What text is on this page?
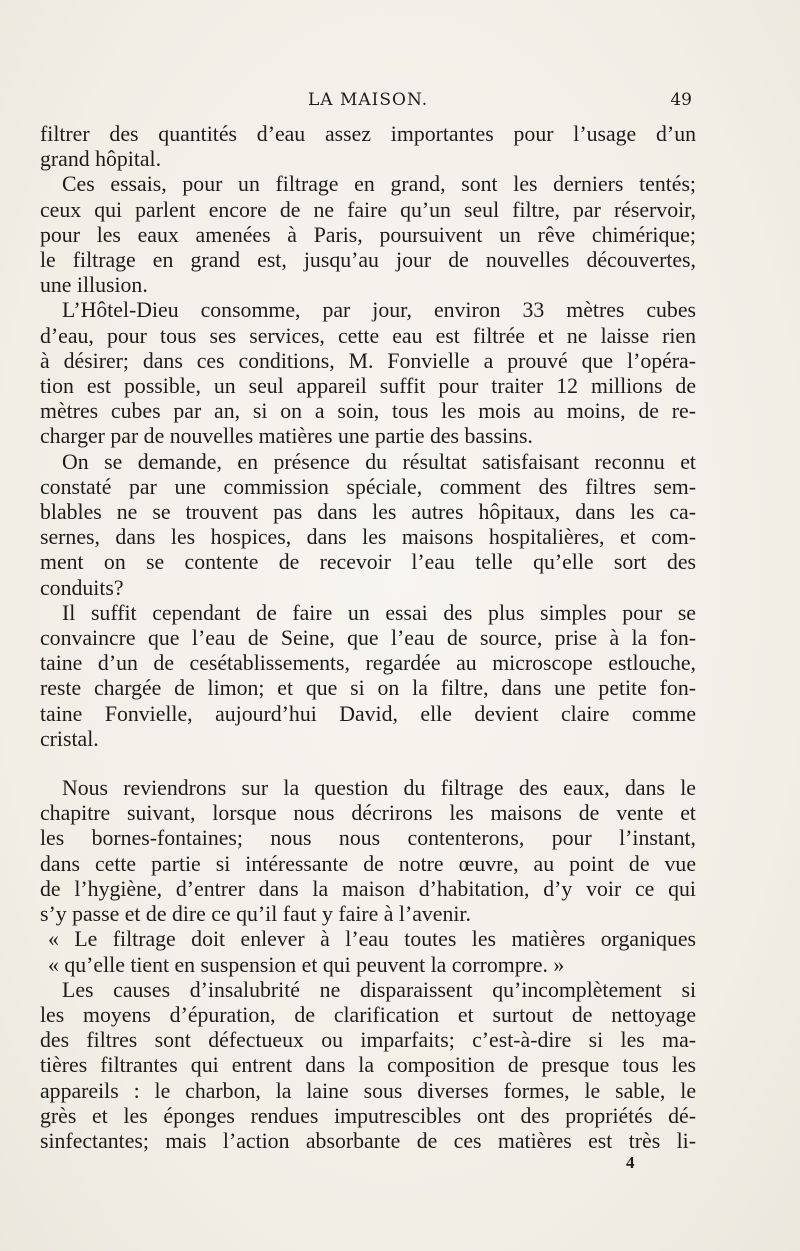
LA MAISON.	49
filtrer des quantités d’eau assez importantes pour l’usage d’un
grand hôpital.
Ces essais, pour un filtrage en grand, sont les derniers tentés;
ceux qui parlent encore de ne faire qu’un seul filtre, par réservoir,
pour les eaux amenées à Paris, poursuivent un rêve chimérique;
le filtrage en grand est, jusqu’au jour de nouvelles découvertes,
une illusion.
L’Hôtel-Dieu consomme, par jour, environ 33 mètres cubes
d’eau, pour tous ses services, cette eau est filtrée et ne laisse rien
à désirer; dans ces conditions, M. Fonvielle a prouvé que l’opéra-
tion est possible, un seul appareil suffit pour traiter 12 millions de
mètres cubes par an, si on a soin, tous les mois au moins, de re-
charger par de nouvelles matières une partie des bassins.
On se demande, en présence du résultat satisfaisant reconnu et
constaté par une commission spéciale, comment des filtres sem-
blables ne se trouvent pas dans les autres hôpitaux, dans les ca-
sernes, dans les hospices, dans les maisons hospitalières, et com-
ment on se contente de recevoir l’eau telle qu’elle sort des
conduits?
Il suffit cependant de faire un essai des plus simples pour se
convaincre que l’eau de Seine, que l’eau de source, prise à la fon-
taine d’un de cesétablissements, regardée au microscope estlouche,
reste chargée de limon; et que si on la filtre, dans une petite fon-
taine Fonvielle, aujourd’hui David, elle devient claire comme
cristal.
Nous reviendrons sur la question du filtrage des eaux, dans le
chapitre suivant, lorsque nous décrirons les maisons de vente et
les bornes-fontaines; nous nous contenterons, pour l’instant,
dans cette partie si intéressante de notre œuvre, au point de vue
de l’hygiène, d’entrer dans la maison d’habitation, d’y voir ce qui
s’y passe et de dire ce qu’il faut y faire à l’avenir.
« Le filtrage doit enlever à l’eau toutes les matières organiques
« qu’elle tient en suspension et qui peuvent la corrompre. »
Les causes d’insalubrité ne disparaissent qu’incomplètement si
les moyens d’épuration, de clarification et surtout de nettoyage
des filtres sont défectueux ou imparfaits; c’est-à-dire si les ma-
tières filtrantes qui entrent dans la composition de presque tous les
appareils : le charbon, la laine sous diverses formes, le sable, le
grès et les éponges rendues imputrescibles ont des propriétés dé-
sinfectantes; mais l’action absorbante de ces matières est très li-
4
